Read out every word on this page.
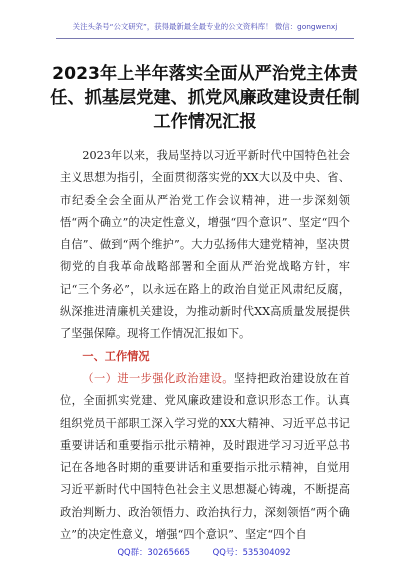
关注头条号“公文研究”，获得最新最全最专业的公文资料库！ 微信：gongwenxj
2023年上半年落实全面从严治党主体责
任、抓基层党建、抓党风廉政建设责任制
工作情况汇报

2023年以来，我局坚持以习近平新时代中国特色社会主义思想为指引，全面贯彻落实党的XX大以及中央、省、市纪委全会全面从严治党工作会议精神，进一步深刻领悟“两个确立”的决定性意义，增强“四个意识”、坚定“四个自信”、做到“两个维护”。大力弘扬伟大建党精神，坚决贯彻党的自我革命战略部署和全面从严治党战略方针，牢记“三个务必”，以永远在路上的政治自觉正风肃纪反腐，纵深推进清廉机关建设，为推动新时代XX高质量发展提供了坚强保障。现将工作情况汇报如下。

一、工作情况

（一）进一步强化政治建设。坚持把政治建设放在首位，全面抓实党建、党风廉政建设和意识形态工作。认真组织党员干部职工深入学习党的XX大精神、习近平总书记重要讲话和重要指示批示精神，及时跟进学习习近平总书记在各地各时期的重要讲话和重要指示批示精神，自觉用习近平新时代中国特色社会主义思想凝心铸魂，不断提高政治判断力、政治领悟力、政治执行力，深刻领悟“两个确立”的决定性意义，增强“四个意识”、坚定“四个自

QQ群：30265665	QQ号：535304092
